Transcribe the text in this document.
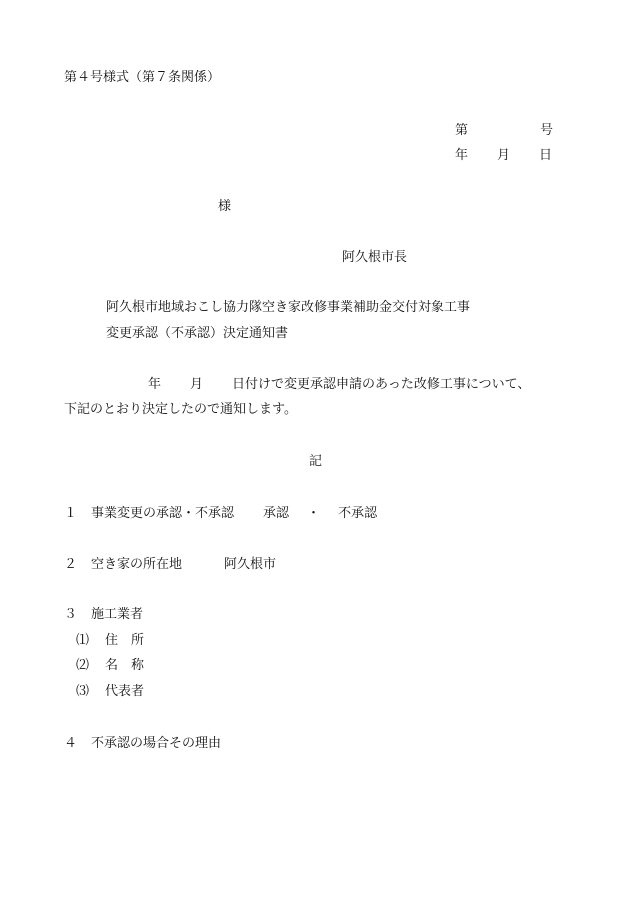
第４号様式（第７条関係）
第	号
年 月 日
様
阿久根市長
阿久根市地域おこし協力隊空き家改修事業補助金交付対象工事
変更承認（不承認）決定通知書
年 月 日付けで変更承認申請のあった改修工事について、
下記のとおり決定したので通知します。
記
１ 事業変更の承認・不承認 承認 ・ 不承認
２ 空き家の所在地	阿久根市
３ 施工業者
⑴ 住　所
⑵ 名　称
⑶ 代表者
４ 不承認の場合その理由
